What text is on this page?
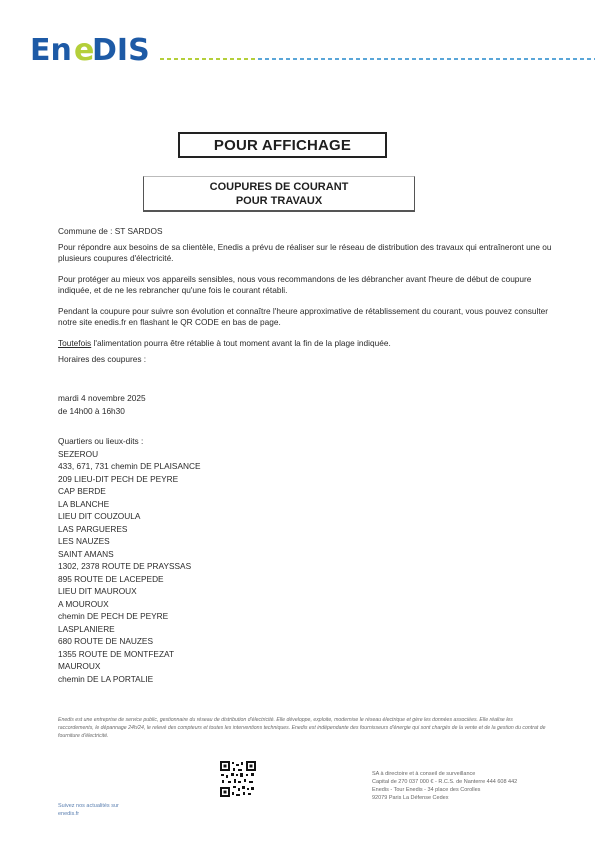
En e
DIS
POUR AFFICHAGE
COUPURES DE COURANT
POUR TRAVAUX
Commune de : ST SARDOS
Pour répondre aux besoins de sa clientèle, Enedis a prévu de réaliser sur le réseau de distribution des travaux qui entraîneront une ou plusieurs coupures d'électricité.
Pour protéger au mieux vos appareils sensibles, nous vous recommandons de les débrancher avant l'heure de début de coupure indiquée, et de ne les rebrancher qu'une fois le courant rétabli.
Pendant la coupure pour suivre son évolution et connaître l'heure approximative de rétablissement du courant, vous pouvez consulter notre site enedis.fr en flashant le QR CODE en bas de page.
Toutefois l'alimentation pourra être rétablie à tout moment avant la fin de la plage indiquée.
Horaires des coupures :
mardi 4 novembre 2025
de 14h00 à 16h30
Quartiers ou lieux-dits :
SEZEROU
433, 671, 731 chemin DE PLAISANCE
209 LIEU-DIT PECH DE PEYRE
CAP BERDE
LA BLANCHE
LIEU DIT COUZOULA
LAS PARGUERES
LES NAUZES
SAINT AMANS
1302, 2378 ROUTE DE PRAYSSAS
895 ROUTE DE LACEPEDE
LIEU DIT MAUROUX
A MOUROUX
chemin DE PECH DE PEYRE
LASPLANIERE
680 ROUTE DE NAUZES
1355 ROUTE DE MONTFEZAT
MAUROUX
chemin DE LA PORTALIE
Enedis est une entreprise de service public, gestionnaire du réseau de distribution d'électricité. Elle développe, exploite, modernise le réseau électrique et gère les données associées. Elle réalise les raccordements, le dépannage 24h/24, le relevé des compteurs et toutes les interventions techniques. Enedis est indépendante des fournisseurs d'énergie qui sont chargés de la vente et de la gestion du contrat de fourniture d'électricité.
Suivez nos actualités sur
enedis.fr
SA à directoire et à conseil de surveillance
Capital de 270 037 000 € - R.C.S. de Nanterre 444 608 442
Enedis - Tour Enedis - 34 place des Corolles
92079 Paris La Défense Cedex
